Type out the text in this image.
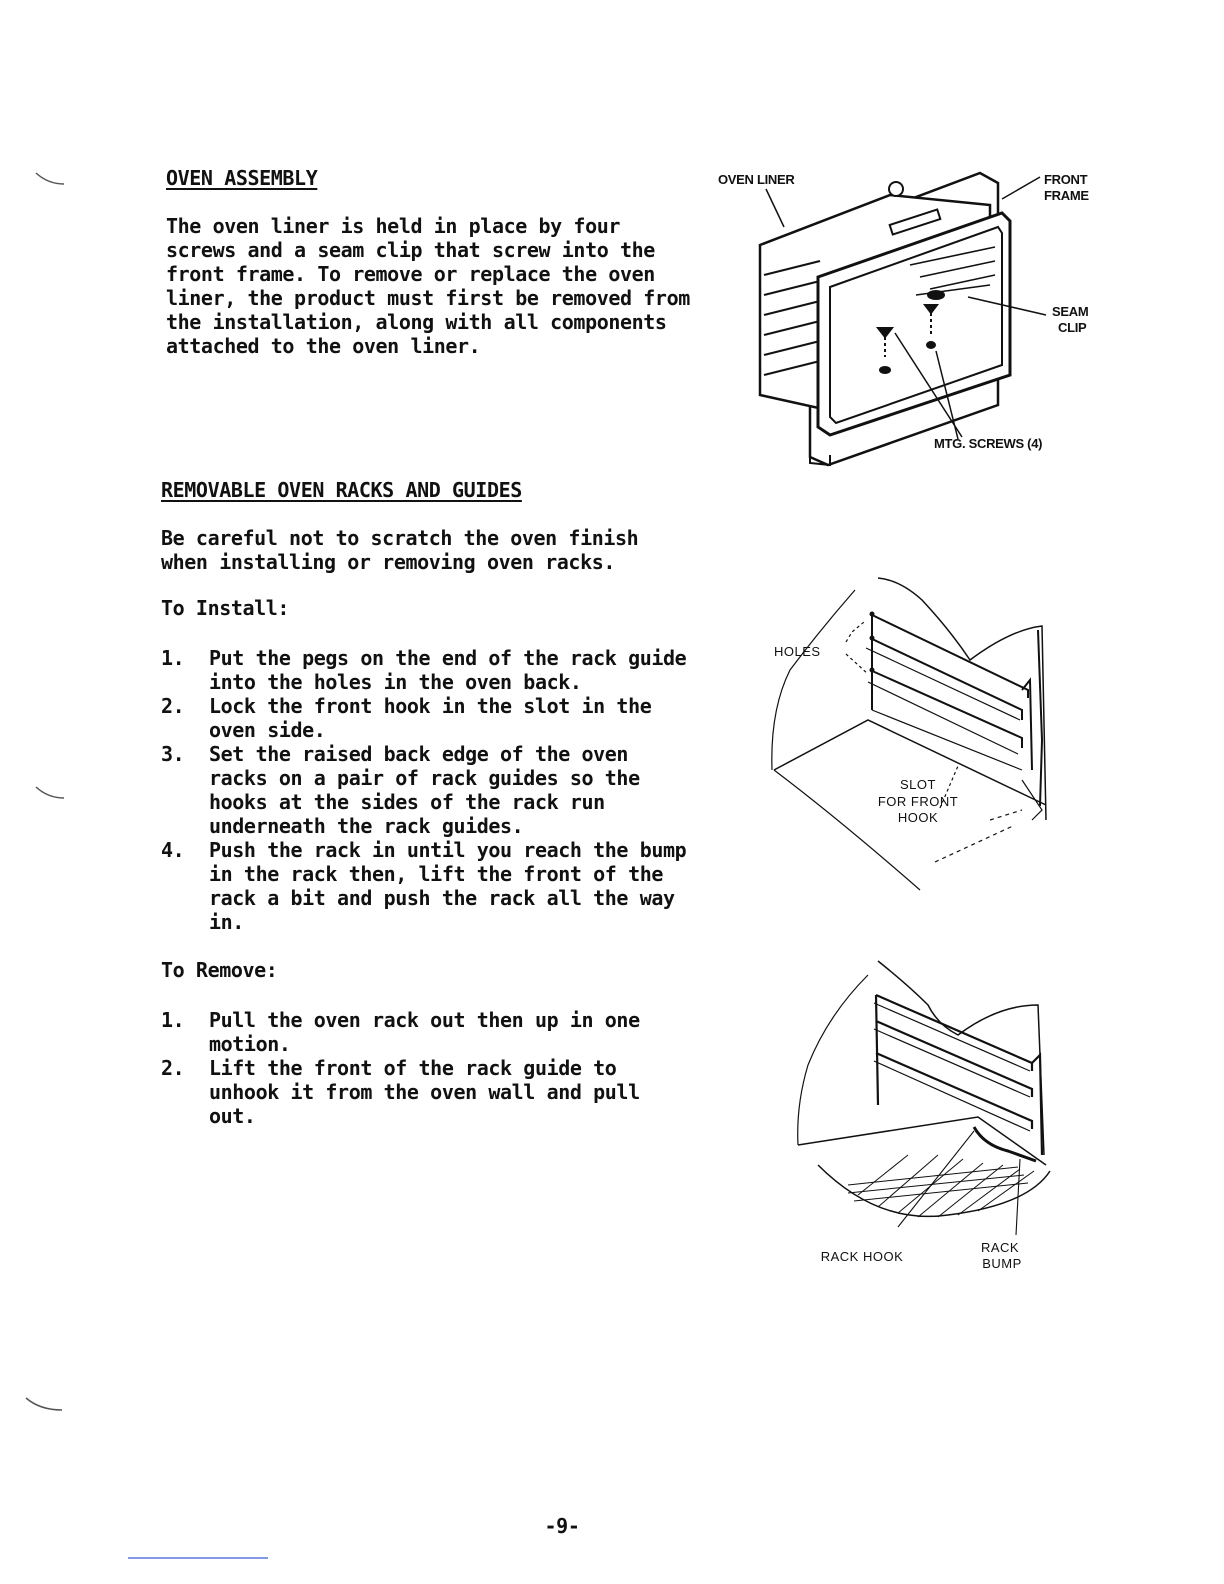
OVEN ASSEMBLY
The oven liner is held in place by four screws and a seam clip that screw into the front frame. To remove or replace the oven liner, the product must first be removed from the installation, along with all components attached to the oven liner.
OVEN LINER	FRONT
FRAME
SEAM
CLIP
MTG. SCREWS (4)
REMOVABLE OVEN RACKS AND GUIDES
Be careful not to scratch the oven finish when installing or removing oven racks.
To Install:
1. Put the pegs on the end of the rack guide into the holes in the oven back.
2. Lock the front hook in the slot in the oven side.
3. Set the raised back edge of the oven racks on a pair of rack guides so the hooks at the sides of the rack run underneath the rack guides.
4. Push the rack in until you reach the bump in the rack then, lift the front of the rack a bit and push the rack all the way in.
To Remove:
1. Pull the oven rack out then up in one motion.
2. Lift the front of the rack guide to unhook it from the oven wall and pull out.
HOLES
SLOT
FOR FRONT
HOOK
RACK HOOK
RACK
BUMP
-9-
